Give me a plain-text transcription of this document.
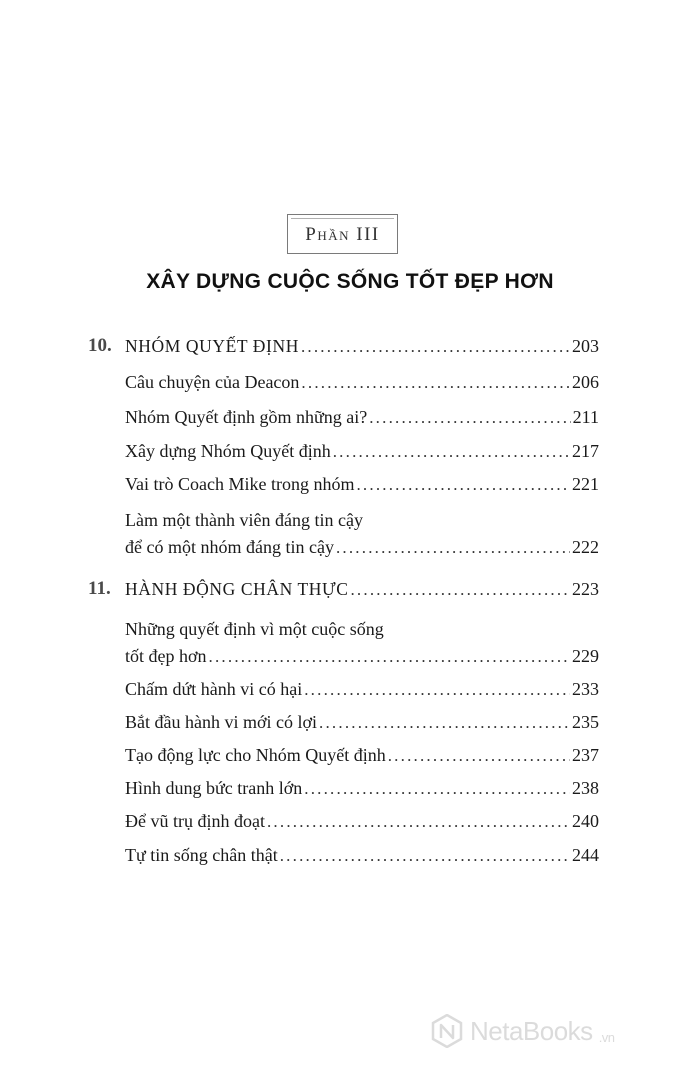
Phần III
XÂY DỰNG CUỘC SỐNG TỐT ĐẸP HƠN
10. NHÓM QUYẾT ĐỊNH .....	203
Câu chuyện của Deacon .....	206
Nhóm Quyết định gồm những ai? .....	211
Xây dựng Nhóm Quyết định .....	217
Vai trò Coach Mike trong nhóm .....	221
Làm một thành viên đáng tin cậy
để có một nhóm đáng tin cậy .....	222
11. HÀNH ĐỘNG CHÂN THỰC .....	223
Những quyết định vì một cuộc sống
tốt đẹp hơn .....	229
Chấm dứt hành vi có hại .....	233
Bắt đầu hành vi mới có lợi .....	235
Tạo động lực cho Nhóm Quyết định .....	237
Hình dung bức tranh lớn .....	238
Để vũ trụ định đoạt .....	240
Tự tin sống chân thật .....	244
NetaBooks .vn
